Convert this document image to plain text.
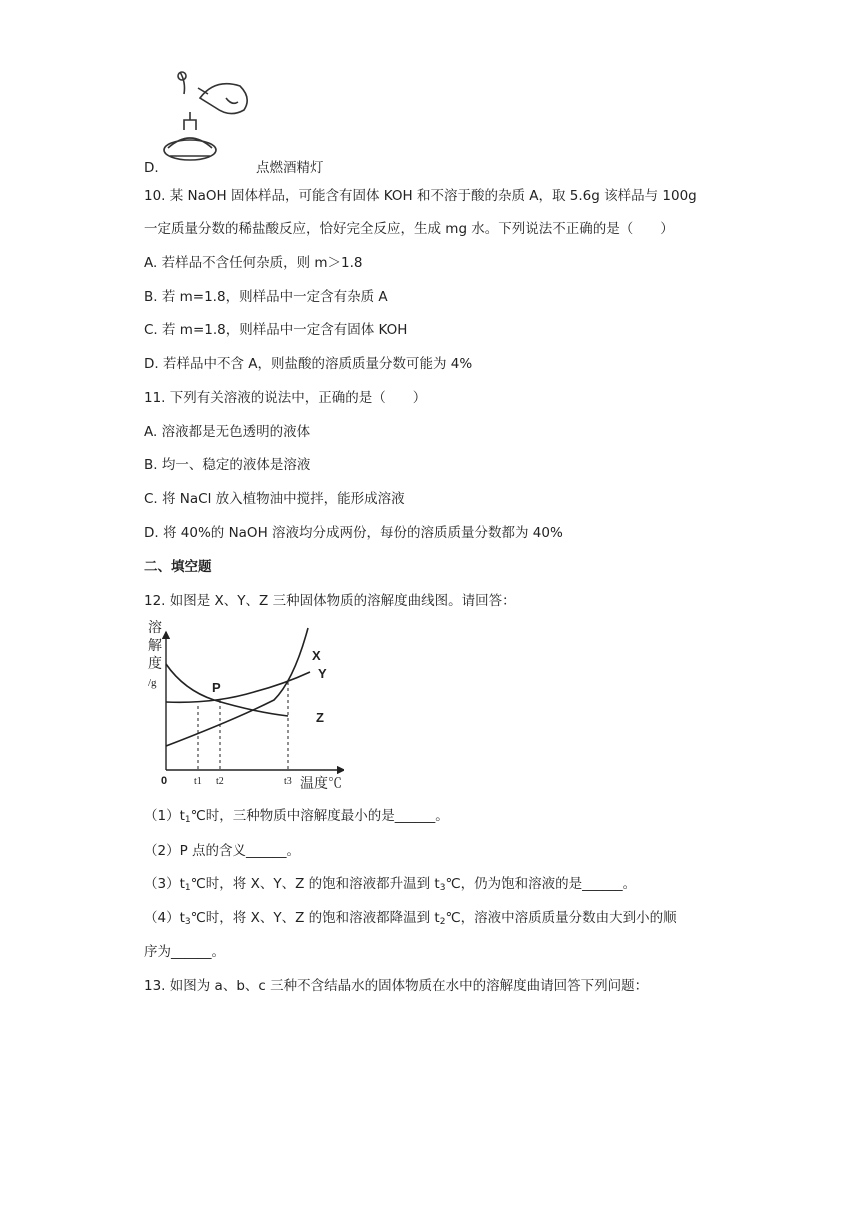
D.	点燃酒精灯
10. 某 NaOH 固体样品，可能含有固体 KOH 和不溶于酸的杂质 A，取 5.6g 该样品与 100g
一定质量分数的稀盐酸反应，恰好完全反应，生成 mg 水。下列说法不正确的是（　　）
A. 若样品不含任何杂质，则 m＞1.8
B. 若 m=1.8，则样品中一定含有杂质 A
C. 若 m=1.8，则样品中一定含有固体 KOH
D. 若样品中不含 A，则盐酸的溶质质量分数可能为 4%
11. 下列有关溶液的说法中，正确的是（　　）
A. 溶液都是无色透明的液体
B. 均一、稳定的液体是溶液
C. 将 NaCl 放入植物油中搅拌，能形成溶液
D. 将 40%的 NaOH 溶液均分成两份，每份的溶质质量分数都为 40%
二、填空题
12. 如图是 X、Y、Z 三种固体物质的溶解度曲线图。请回答：
溶解度/g
X
Y
Z
P
0	t1 t2	t3 温度℃
$(1)t_1℃$时，三种物质中溶解度最小的是______。
（2）P 点的含义______。
$(3)t_1℃$时，将 X、Y、Z 的饱和溶液都升温到 $t_3℃$，仍为饱和溶液的是______。
$(4)t_3℃$时，将 X、Y、Z 的饱和溶液都降温到 $t_2℃$，溶液中溶质质量分数由大到小的顺
序为______。
13. 如图为 a、b、c 三种不含结晶水的固体物质在水中的溶解度曲请回答下列问题：
